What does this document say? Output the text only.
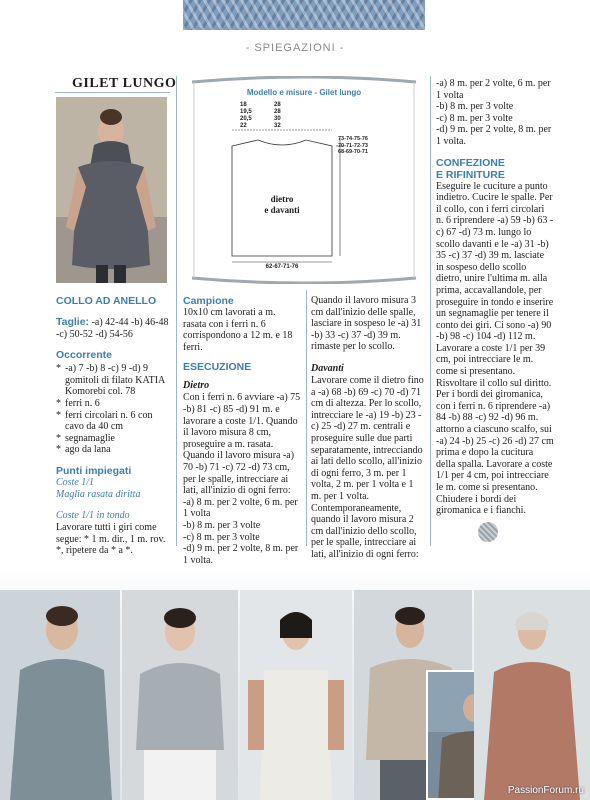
- SPIEGAZIONI -
GILET LUNGO
Modello e misure - Gilet lungo
18
19,5
20,5
22
28
28
30
32
73-74-75-76
70-71-72-73
68-69-70-71
dietro
e davanti
62-67-71-76
COLLO AD ANELLO
Taglie: -a) 42-44 -b) 46-48 -c) 50-52 -d) 54-56
Occorrente
* -a) 7 -b) 8 -c) 9 -d) 9 gomitoli di filato KATIA Komorebi col. 78
* ferri n. 6
* ferri circolari n. 6 con cavo da 40 cm
* segnamaglie
* ago da lana
Punti impiegati
Coste 1/1
Maglia rasata diritta
Coste 1/1 in tondo
Lavorare tutti i giri come segue: * 1 m. dir., 1 m. rov. *, ripetere da * a *.
Campione
10x10 cm lavorati a m. rasata con i ferri n. 6 corrispondono a 12 m. e 18 ferri.
ESECUZIONE
Dietro
Con i ferri n. 6 avviare -a) 75 -b) 81 -c) 85 -d) 91 m. e lavorare a coste 1/1. Quando il lavoro misura 8 cm, proseguire a m. rasata. Quando il lavoro misura -a) 70 -b) 71 -c) 72 -d) 73 cm, per le spalle, intrecciare ai lati, all'inizio di ogni ferro:
-a) 8 m. per 2 volte, 6 m. per 1 volta
-b) 8 m. per 3 volte
-c) 8 m. per 3 volte
-d) 9 m. per 2 volte, 8 m. per 1 volta.
Quando il lavoro misura 3 cm dall'inizio delle spalle, lasciare in sospeso le -a) 31 -b) 33 -c) 37 -d) 39 m. rimaste per lo scollo.
Davanti
Lavorare come il dietro fino a -a) 68 -b) 69 -c) 70 -d) 71 cm di altezza. Per lo scollo, intrecciare le -a) 19 -b) 23 -c) 25 -d) 27 m. centrali e proseguire sulle due parti separatamente, intrecciando ai lati dello scollo, all'inizio di ogni ferro, 3 m. per 1 volta, 2 m. per 1 volta e 1 m. per 1 volta.
Contemporaneamente, quando il lavoro misura 2 cm dall'inizio dello scollo, per le spalle, intrecciare ai lati, all'inizio di ogni ferro:
-a) 8 m. per 2 volte, 6 m. per 1 volta
-b) 8 m. per 3 volte
-c) 8 m. per 3 volte
-d) 9 m. per 2 volte, 8 m. per 1 volta.
CONFEZIONE
E RIFINITURE
Eseguire le cuciture a punto indietro. Cucire le spalle. Per il collo, con i ferri circolari n. 6 riprendere -a) 59 -b) 63 -c) 67 -d) 73 m. lungo lo scollo davanti e le -a) 31 -b) 35 -c) 37 -d) 39 m. lasciate in sospeso dello scollo dietro, unire l'ultima m. alla prima, accavallandole, per proseguire in tondo e inserire un segnamaglie per tenere il conto dei giri. Ci sono -a) 90 -b) 98 -c) 104 -d) 112 m. Lavorare a coste 1/1 per 39 cm, poi intrecciare le m. come si presentano. Risvoltare il collo sul diritto.
Per i bordi dei giromanica, con i ferri n. 6 riprendere -a) 84 -b) 88 -c) 92 -d) 96 m. attorno a ciascuno scalfo, sui -a) 24 -b) 25 -c) 26 -d) 27 cm prima e dopo la cucitura della spalla. Lavorare a coste 1/1 per 4 cm, poi intrecciare le m. come si presentano. Chiudere i bordi dei giromanica e i fianchi.
PassionForum.ru
